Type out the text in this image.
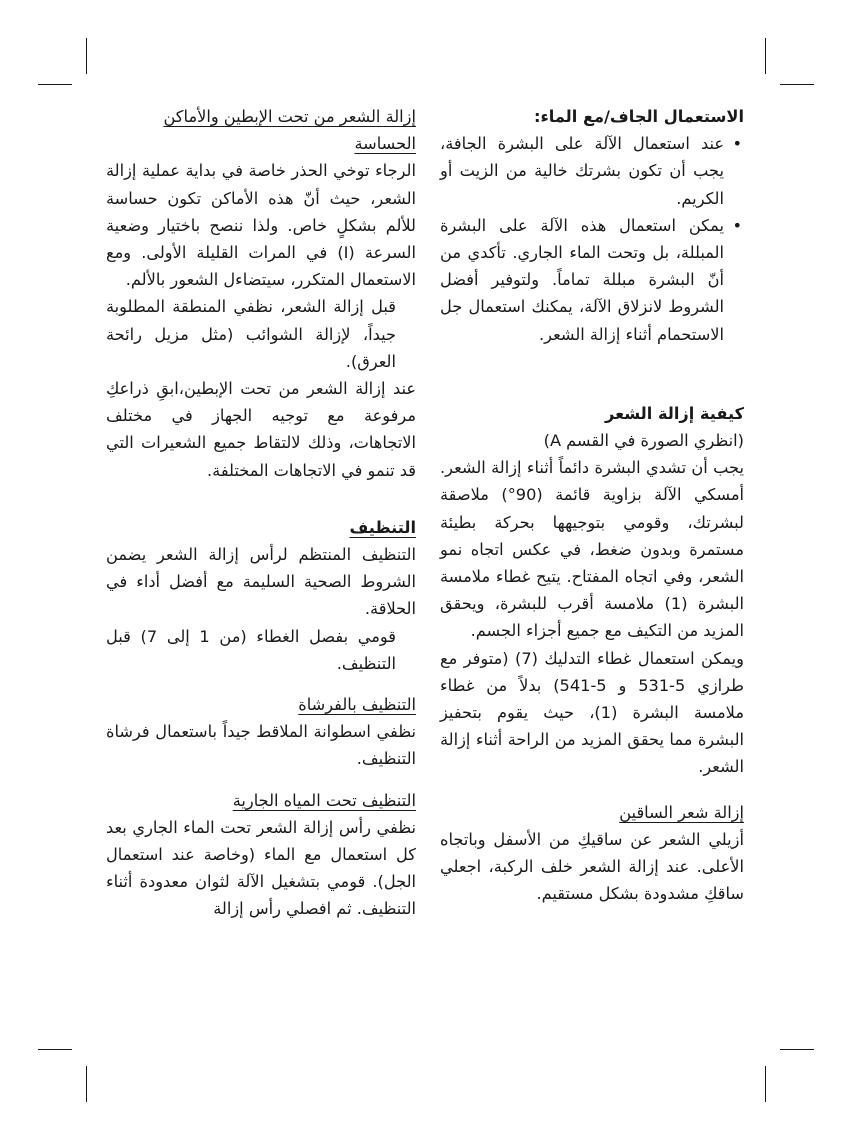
الاستعمال الجاف/مع الماء:

• عند استعمال الآلة على البشرة الجافة، يجب أن تكون بشرتك خالية من الزيت أو الكريم.
• يمكن استعمال هذه الآلة على البشرة المبللة، بل وتحت الماء الجاري. تأكدي من أنّ البشرة مبللة تماماً. ولتوفير أفضل الشروط لانزلاق الآلة، يمكنك استعمال جل الاستحمام أثناء إزالة الشعر.

كيفية إزالة الشعر

(انظري الصورة في القسم A)

يجب أن تشدي البشرة دائماً أثناء إزالة الشعر. أمسكي الآلة بزاوية قائمة (90°) ملاصقة لبشرتك، وقومي بتوجيهها بحركة بطيئة مستمرة وبدون ضغط، في عكس اتجاه نمو الشعر، وفي اتجاه المفتاح. يتيح غطاء ملامسة البشرة (1) ملامسة أقرب للبشرة، ويحقق المزيد من التكيف مع جميع أجزاء الجسم.

ويمكن استعمال غطاء التدليك (7) (متوفر مع طرازي 5-531 و 5-541) بدلاً من غطاء ملامسة البشرة (1)، حيث يقوم بتحفيز البشرة مما يحقق المزيد من الراحة أثناء إزالة الشعر.

إزالة شعر الساقين

أزيلي الشعر عن ساقيكِ من الأسفل وباتجاه الأعلى. عند إزالة الشعر خلف الركبة، اجعلي ساقكِ مشدودة بشكل مستقيم.

إزالة الشعر من تحت الإبطين والأماكن الحساسة

الرجاء توخي الحذر خاصة في بداية عملية إزالة الشعر، حيث أنّ هذه الأماكن تكون حساسة للألم بشكلٍ خاص. ولذا ننصح باختيار وضعية السرعة (I) في المرات القليلة الأولى. ومع الاستعمال المتكرر، سيتضاءل الشعور بالألم.

قبل إزالة الشعر، نظفي المنطقة المطلوبة جيداً، لإزالة الشوائب (مثل مزيل رائحة العرق).

عند إزالة الشعر من تحت الإبطين،ابقِ ذراعكِ مرفوعة مع توجيه الجهاز في مختلف الاتجاهات، وذلك لالتقاط جميع الشعيرات التي قد تنمو في الاتجاهات المختلفة.

التنظيف

التنظيف المنتظم لرأس إزالة الشعر يضمن الشروط الصحية السليمة مع أفضل أداء في الحلاقة.

قومي بفصل الغطاء (من 1 إلى 7) قبل التنظيف.

التنظيف بالفرشاة

نظفي اسطوانة الملاقط جيداً باستعمال فرشاة التنظيف.

التنظيف تحت المياه الجارية

نظفي رأس إزالة الشعر تحت الماء الجاري بعد كل استعمال مع الماء (وخاصة عند استعمال الجل). قومي بتشغيل الآلة لثوان معدودة أثناء التنظيف. ثم افصلي رأس إزالة
